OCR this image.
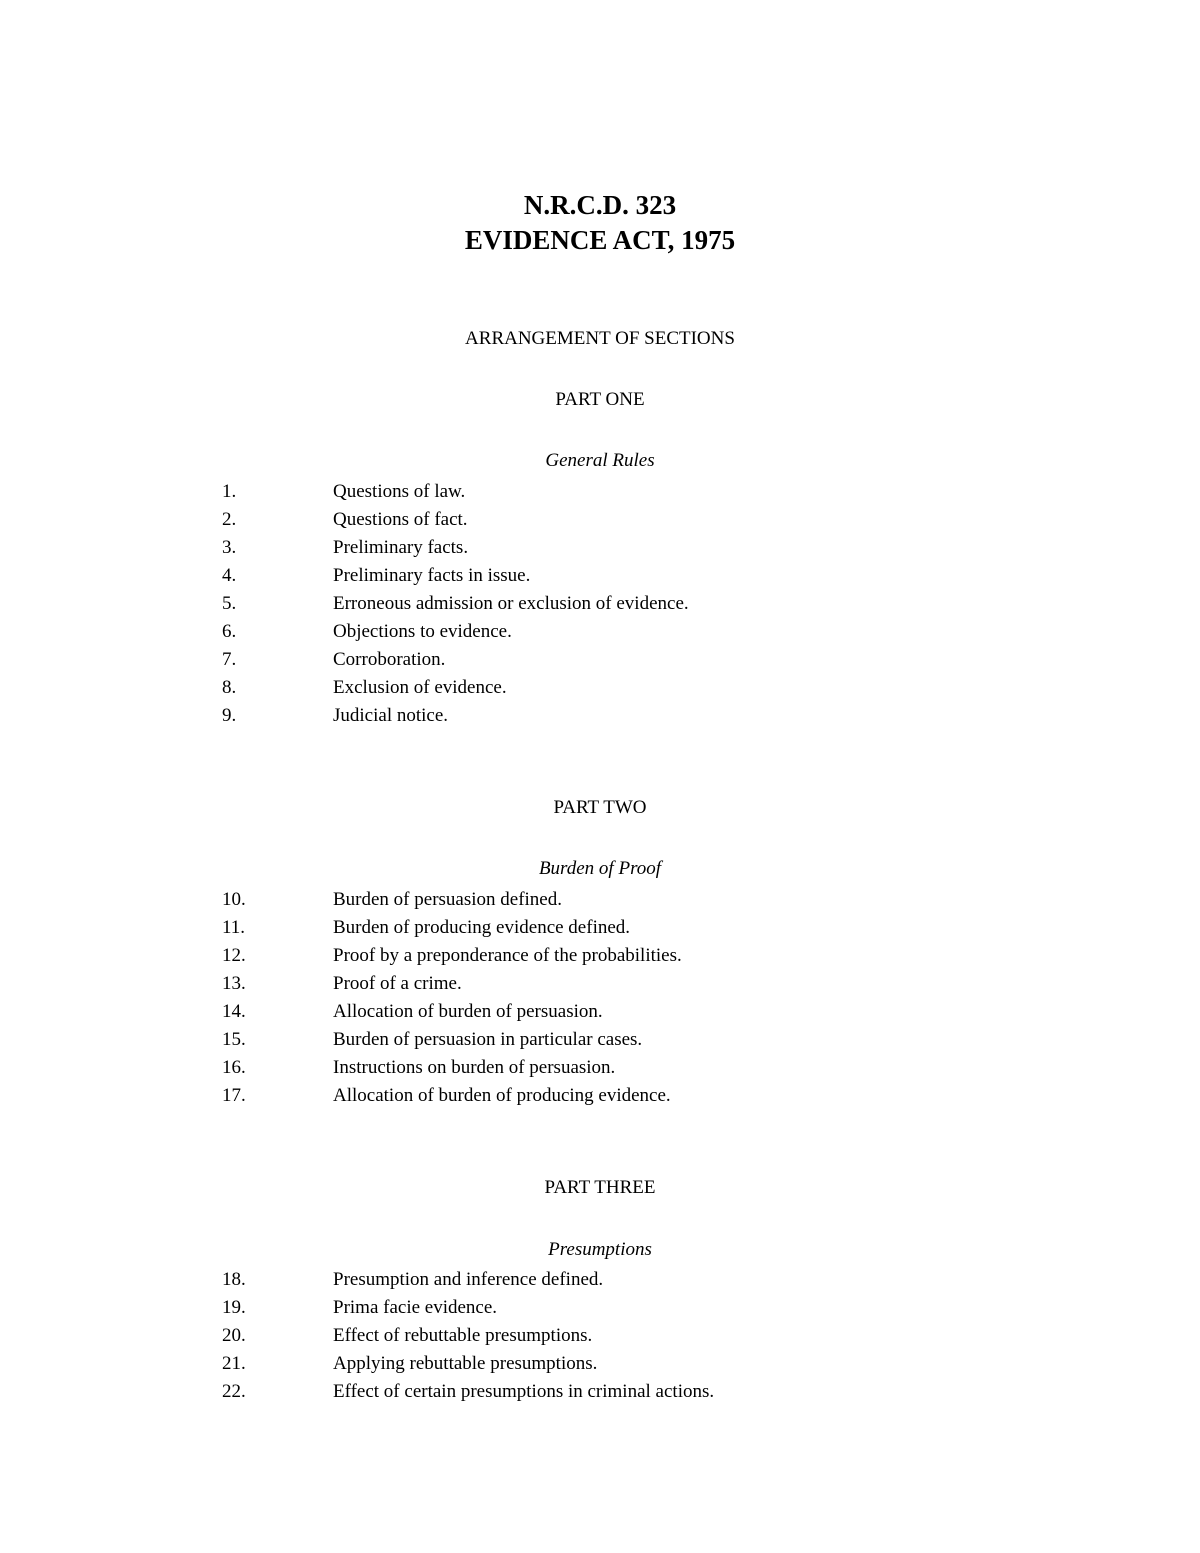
N.R.C.D. 323

EVIDENCE ACT, 1975

ARRANGEMENT OF SECTIONS
PART ONE
General Rules
1.	Questions of law.
2.	Questions of fact.
3.	Preliminary facts.
4.	Preliminary facts in issue.
5.	Erroneous admission or exclusion of evidence.
6.	Objections to evidence.
7.	Corroboration.
8.	Exclusion of evidence.
9.	Judicial notice.
PART TWO
Burden of Proof
10.	Burden of persuasion defined.
11.	Burden of producing evidence defined.
12.	Proof by a preponderance of the probabilities.
13.	Proof of a crime.
14.	Allocation of burden of persuasion.
15.	Burden of persuasion in particular cases.
16.	Instructions on burden of persuasion.
17.	Allocation of burden of producing evidence.
PART THREE
Presumptions
18.	Presumption and inference defined.
19.	Prima facie evidence.
20.	Effect of rebuttable presumptions.
21.	Applying rebuttable presumptions.
22.	Effect of certain presumptions in criminal actions.
